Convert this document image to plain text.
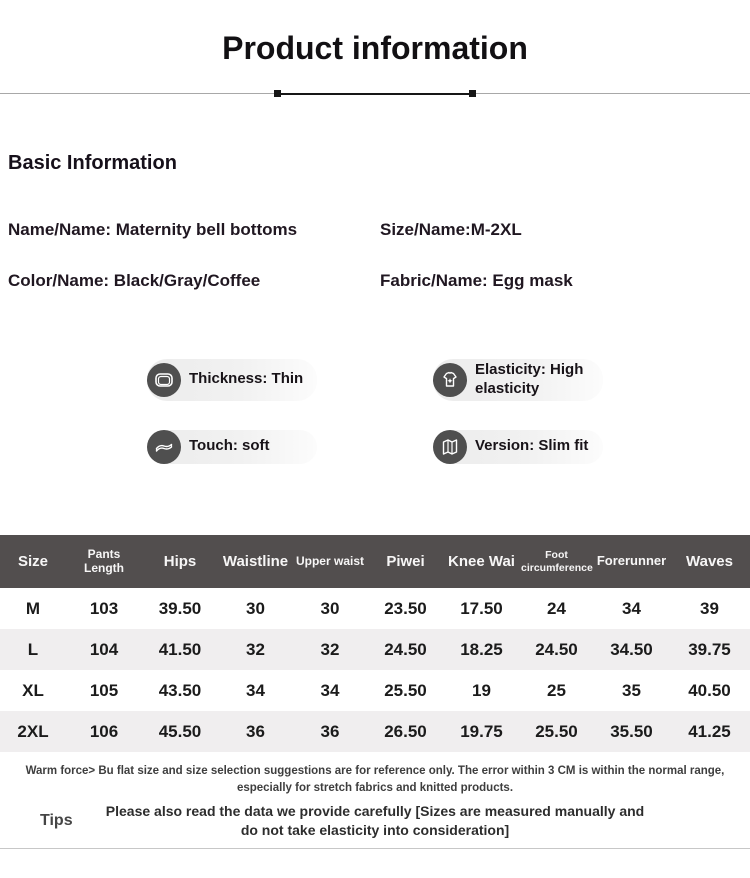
Product information
Basic Information
Name/Name: Maternity bell bottoms	Size/Name:M-2XL
Color/Name: Black/Gray/Coffee	Fabric/Name: Egg mask
Thickness: Thin
Elasticity: High elasticity
Touch: soft	Version: Slim fit
Size	Pants Length	Hips	Waistline	Upper waist	Piwei	Knee Wai	Foot circumference	Forerunner	Waves
M	103	39.50	30	30	23.50	17.50	24	34	39
L	104	41.50	32	32	24.50	18.25	24.50	34.50	39.75
XL	105	43.50	34	34	25.50	19	25	35	40.50
2XL	106	45.50	36	36	26.50	19.75	25.50	35.50	41.25
Warm force> Bu flat size and size selection suggestions are for reference only. The error within 3 CM is within the normal range, especially for stretch fabrics and knitted products.
Tips
Please also read the data we provide carefully [Sizes are measured manually and do not take elasticity into consideration]
